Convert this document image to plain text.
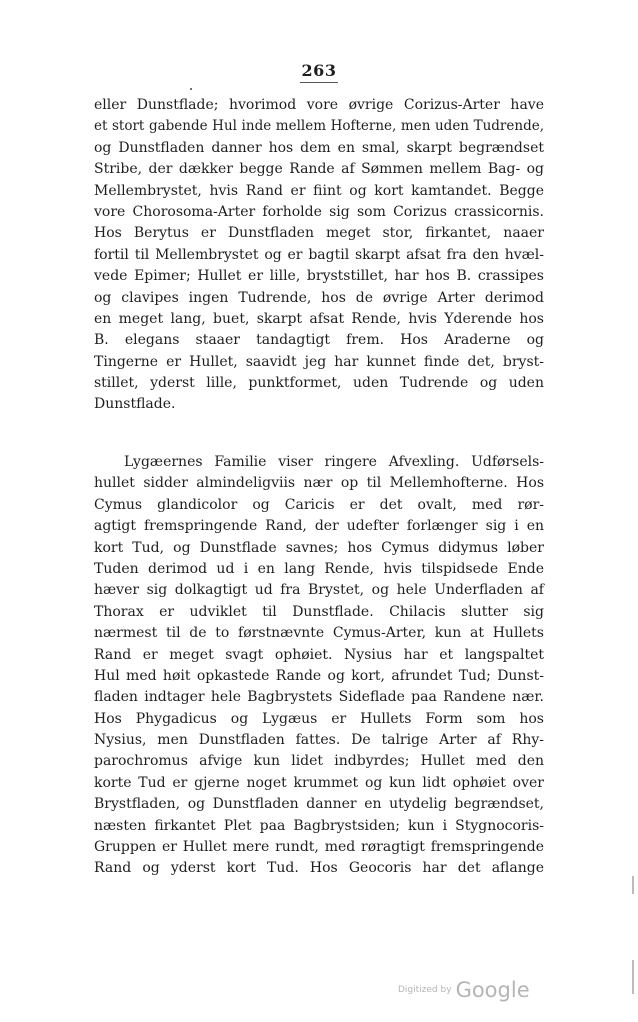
263
eller Dunstflade; hvorimod vore øvrige Corizus-Arter have
et stort gabende Hul inde mellem Hofterne, men uden Tudrende,
og Dunstfladen danner hos dem en smal, skarpt begrændset
Stribe, der dækker begge Rande af Sømmen mellem Bag- og
Mellembrystet, hvis Rand er fiint og kort kamtandet. Begge
vore Chorosoma-Arter forholde sig som Corizus crassicornis.
Hos Berytus er Dunstfladen meget stor, firkantet, naaer
fortil til Mellembrystet og er bagtil skarpt afsat fra den hvæl-
vede Epimer; Hullet er lille, bryststillet, har hos B. crassipes
og clavipes ingen Tudrende, hos de øvrige Arter derimod
en meget lang, buet, skarpt afsat Rende, hvis Yderende hos
B. elegans staaer tandagtigt frem. Hos Araderne og
Tingerne er Hullet, saavidt jeg har kunnet finde det, bryst-
stillet, yderst lille, punktformet, uden Tudrende og uden
Dunstflade.
Lygæernes Familie viser ringere Afvexling. Udførsels-
hullet sidder almindeligviis nær op til Mellemhofterne. Hos
Cymus glandicolor og Caricis er det ovalt, med rør-
agtigt fremspringende Rand, der udefter forlænger sig i en
kort Tud, og Dunstflade savnes; hos Cymus didymus løber
Tuden derimod ud i en lang Rende, hvis tilspidsede Ende
hæver sig dolkagtigt ud fra Brystet, og hele Underfladen af
Thorax er udviklet til Dunstflade. Chilacis slutter sig
nærmest til de to førstnævnte Cymus-Arter, kun at Hullets
Rand er meget svagt ophøiet. Nysius har et langspaltet
Hul med høit opkastede Rande og kort, afrundet Tud; Dunst-
fladen indtager hele Bagbrystets Sideflade paa Randene nær.
Hos Phygadicus og Lygæus er Hullets Form som hos
Nysius, men Dunstfladen fattes. De talrige Arter af Rhy-
parochromus afvige kun lidet indbyrdes; Hullet med den
korte Tud er gjerne noget krummet og kun lidt ophøiet over
Brystfladen, og Dunstfladen danner en utydelig begrændset,
næsten firkantet Plet paa Bagbrystsiden; kun i Stygnocoris-
Gruppen er Hullet mere rundt, med røragtigt fremspringende
Rand og yderst kort Tud. Hos Geocoris har det aflange
Digitized by Google
